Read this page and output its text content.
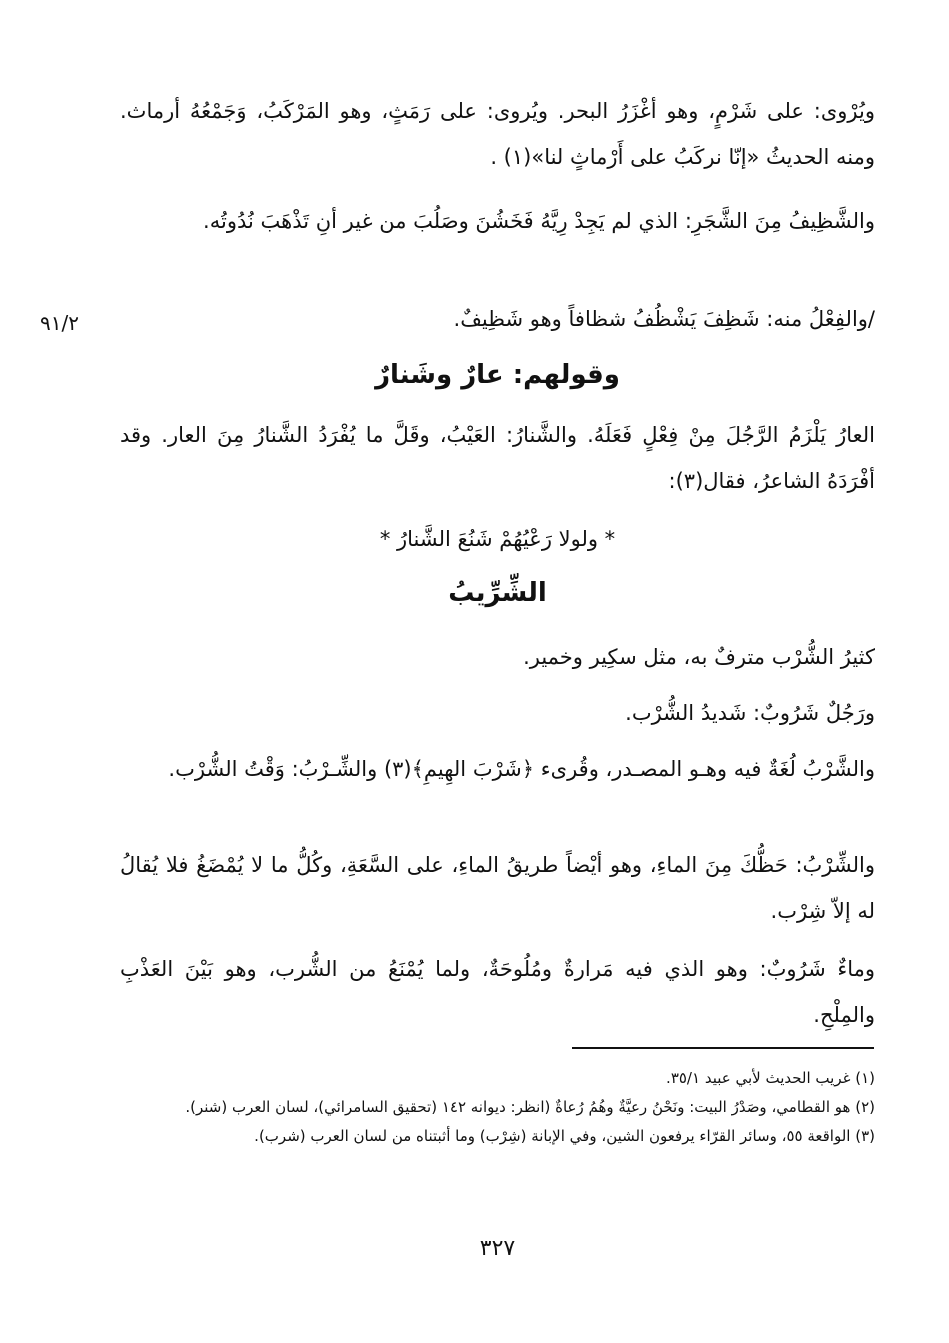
ويُرْوى: على شَرْمٍ، وهو أغْزَرُ البحر. ويُروى: على رَمَثٍ، وهو المَرْكَبُ، وَجَمْعُهُ أرماث. ومنه الحديثُ «إنّا نركَبُ على أَرْماثٍ لنا»(١) .

والشَّظِيفُ مِنَ الشَّجَرِ: الذي لم يَجِدْ رِيَّهُ فَخَشُنَ وصَلُبَ من غير أنِ تَذْهَبَ نُدُوتُه.

/والفِعْلُ منه: شَظِفَ يَشْظُفُ شظافاً وهو شَظِيفٌ.

٩١/٢
وقولهم: عارٌ وشَنارٌ

العارُ يَلْزَمُ الرَّجُلَ مِنْ فِعْلٍ فَعَلَهُ. والشَّنارُ: العَيْبُ، وقَلَّ ما يُفْرَدُ الشَّنارُ مِنَ العار. وقد أفْرَدَهُ الشاعرُ، فقال(٣):

* ولولا رَعْيُهُمْ شَنُعَ الشَّنارُ *
الشِّرِّيبُ

كثيرُ الشُّرْب مترفٌ به، مثل سكِير وخمير.

ورَجُلٌ شَرُوبٌ: شَديدُ الشُّرْب.

والشَّرْبُ لُغَةٌ فيه وهـو المصـدر، وقُرىء ﴿شَرْبَ الهِيمِ﴾(٣) والشِّـرْبُ: وَقْتُ الشُّرْب.

والشِّرْبُ: حَظُّكَ مِنَ الماءِ، وهو أيْضاً طريقُ الماءِ، على السَّعَةِ، وكُلُّ ما لا يُمْضَغُ فلا يُقالُ له إلاّ شِرْب.

وماءٌ شَرُوبٌ: وهو الذي فيه مَرارةٌ ومُلُوحَةٌ، ولما يُمْنَعُ من الشُّرب، وهو بَيْنَ العَذْبِ والمِلْحِ.

(١) غريب الحديث لأبي عبيد ٣٥/١.

(٢) هو القطامي، وصَدْرُ البيت: ونَحْنُ رعيَّةٌ وهُمُ رُعاةٌ (انظر: ديوانه ١٤٢ (تحقيق السامرائي)، لسان العرب (شنر).

(٣) الواقعة ٥٥، وسائر القرّاء يرفعون الشين، وفي الإبانة (شِرْب) وما أثبتناه من لسان العرب (شرب).

٣٢٧
